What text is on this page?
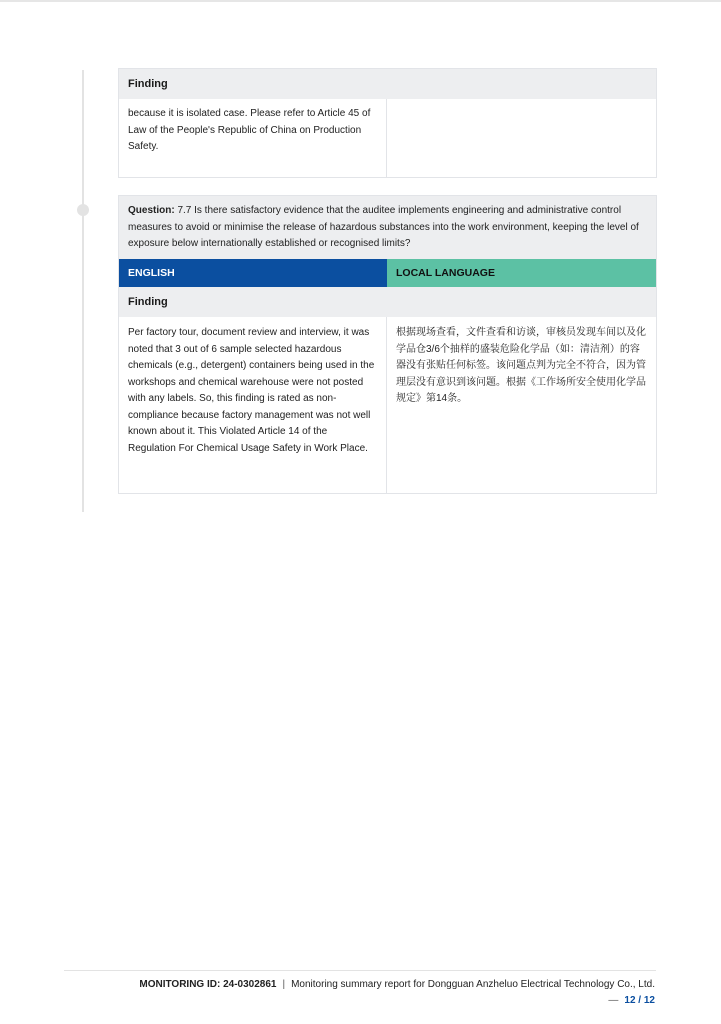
Finding
because it is isolated case. Please refer to Article 45 of Law of the People's Republic of China on Production Safety.
Question: 7.7 Is there satisfactory evidence that the auditee implements engineering and administrative control measures to avoid or minimise the release of hazardous substances into the work environment, keeping the level of exposure below internationally established or recognised limits?
ENGLISH	LOCAL LANGUAGE
Finding
Per factory tour, document review and interview, it was noted that 3 out of 6 sample selected hazardous chemicals (e.g., detergent) containers being used in the workshops and chemical warehouse were not posted with any labels. So, this finding is rated as non-compliance because factory management was not well known about it. This Violated Article 14 of the Regulation For Chemical Usage Safety in Work Place.
根据现场查看，文件查看和访谈，审核员发现车间以及化学品仓3/6个抽样的盛装危险化学品（如：清洁剂）的容器没有张贴任何标签。该问题点判为完全不符合，因为管理层没有意识到该问题。根据《工作场所安全使用化学品规定》第14条。
MONITORING ID: 24-0302861 | Monitoring summary report for Dongguan Anzheluo Electrical Technology Co., Ltd.
— 12 / 12
